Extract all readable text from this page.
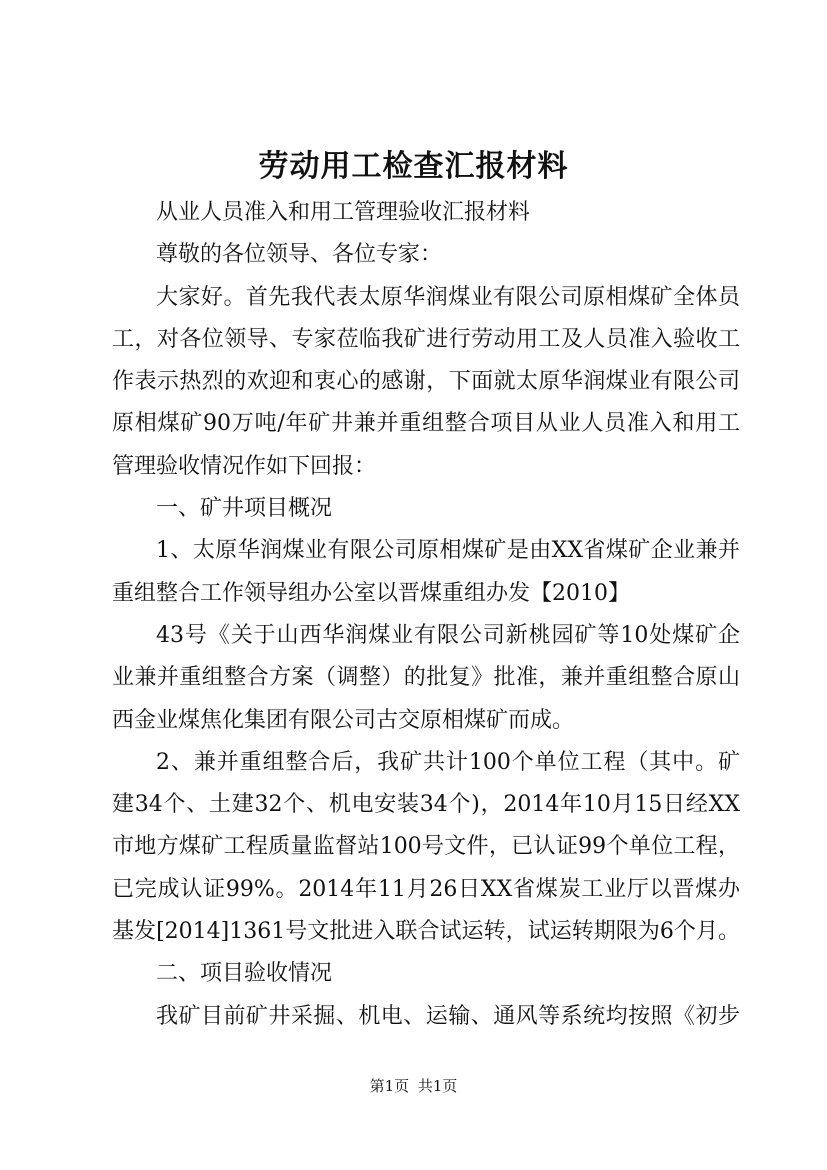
劳动用工检查汇报材料
从业人员准入和用工管理验收汇报材料
尊敬的各位领导、各位专家：
大家好。首先我代表太原华润煤业有限公司原相煤矿全体员
工，对各位领导、专家莅临我矿进行劳动用工及人员准入验收工
作表示热烈的欢迎和衷心的感谢，下面就太原华润煤业有限公司
原相煤矿90万吨/年矿井兼并重组整合项目从业人员准入和用工
管理验收情况作如下回报：
一、矿井项目概况
1、太原华润煤业有限公司原相煤矿是由XX省煤矿企业兼并
重组整合工作领导组办公室以晋煤重组办发【2010】
43号《关于山西华润煤业有限公司新桃园矿等10处煤矿企
业兼并重组整合方案（调整）的批复》批准，兼并重组整合原山
西金业煤焦化集团有限公司古交原相煤矿而成。
2、兼并重组整合后，我矿共计100个单位工程（其中。矿
建34个、土建32个、机电安装34个)，2014年10月15日经XX
市地方煤矿工程质量监督站100号文件，已认证99个单位工程，
已完成认证99%。2014年11月26日XX省煤炭工业厅以晋煤办
基发[2014]1361号文批进入联合试运转，试运转期限为6个月。
二、项目验收情况
我矿目前矿井采掘、机电、运输、通风等系统均按照《初步
第1页 共1页
